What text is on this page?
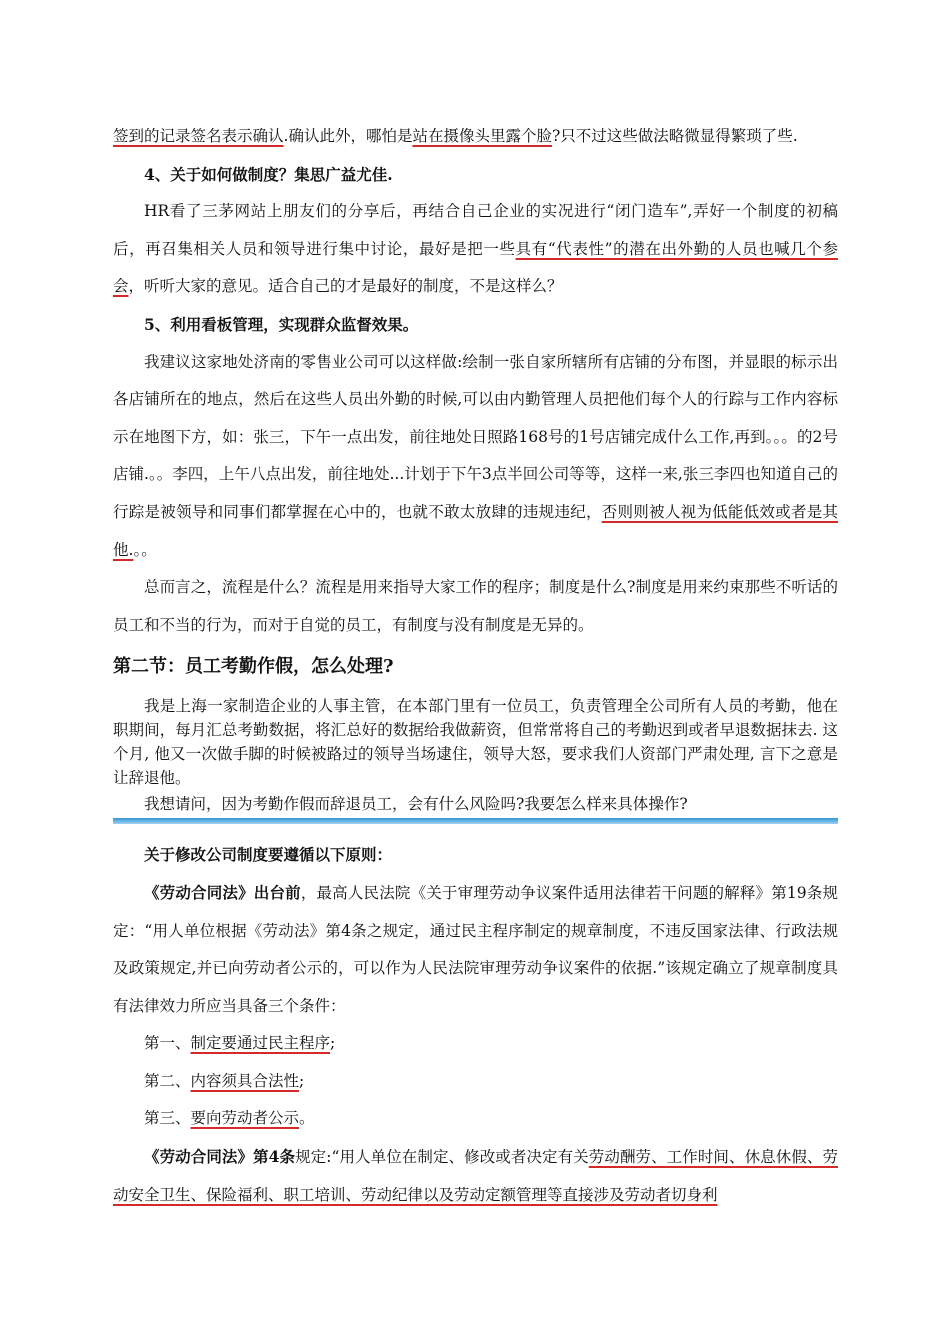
签到的记录签名表示确认.确认此外，哪怕是站在摄像头里露个脸?只不过这些做法略微显得繁琐了些.

4、关于如何做制度？集思广益尤佳.

HR看了三茅网站上朋友们的分享后，再结合自己企业的实况进行“闭门造车”,弄好一个制度的初稿后，再召集相关人员和领导进行集中讨论，最好是把一些具有“代表性”的潜在出外勤的人员也喊几个参会，听听大家的意见。适合自己的才是最好的制度，不是这样么？

5、利用看板管理，实现群众监督效果。

我建议这家地处济南的零售业公司可以这样做:绘制一张自家所辖所有店铺的分布图，并显眼的标示出各店铺所在的地点，然后在这些人员出外勤的时候,可以由内勤管理人员把他们每个人的行踪与工作内容标示在地图下方，如：张三，下午一点出发，前往地处日照路168号的1号店铺完成什么工作,再到。。。的2号店铺.。。李四，上午八点出发，前往地处...计划于下午3点半回公司等等，这样一来,张三李四也知道自己的行踪是被领导和同事们都掌握在心中的，也就不敢太放肆的违规违纪，否则则被人视为低能低效或者是其他.。。

总而言之，流程是什么？流程是用来指导大家工作的程序；制度是什么?制度是用来约束那些不听话的员工和不当的行为，而对于自觉的员工，有制度与没有制度是无异的。

第二节：员工考勤作假，怎么处理?

我是上海一家制造企业的人事主管，在本部门里有一位员工，负责管理全公司所有人员的考勤，他在职期间，每月汇总考勤数据，将汇总好的数据给我做薪资，但常常将自己的考勤迟到或者早退数据抹去. 这个月, 他又一次做手脚的时候被路过的领导当场逮住，领导大怒，要求我们人资部门严肃处理, 言下之意是让辞退他。

我想请问，因为考勤作假而辞退员工，会有什么风险吗?我要怎么样来具体操作?

关于修改公司制度要遵循以下原则：

《劳动合同法》出台前，最高人民法院《关于审理劳动争议案件适用法律若干问题的解释》第19条规定：“用人单位根据《劳动法》第4条之规定，通过民主程序制定的规章制度，不违反国家法律、行政法规及政策规定,并已向劳动者公示的，可以作为人民法院审理劳动争议案件的依据.”该规定确立了规章制度具有法律效力所应当具备三个条件：

第一、制定要通过民主程序;

第二、内容须具合法性;

第三、要向劳动者公示。

《劳动合同法》第4条规定:“用人单位在制定、修改或者决定有关劳动酬劳、工作时间、休息休假、劳动安全卫生、保险福利、职工培训、劳动纪律以及劳动定额管理等直接涉及劳动者切身利
